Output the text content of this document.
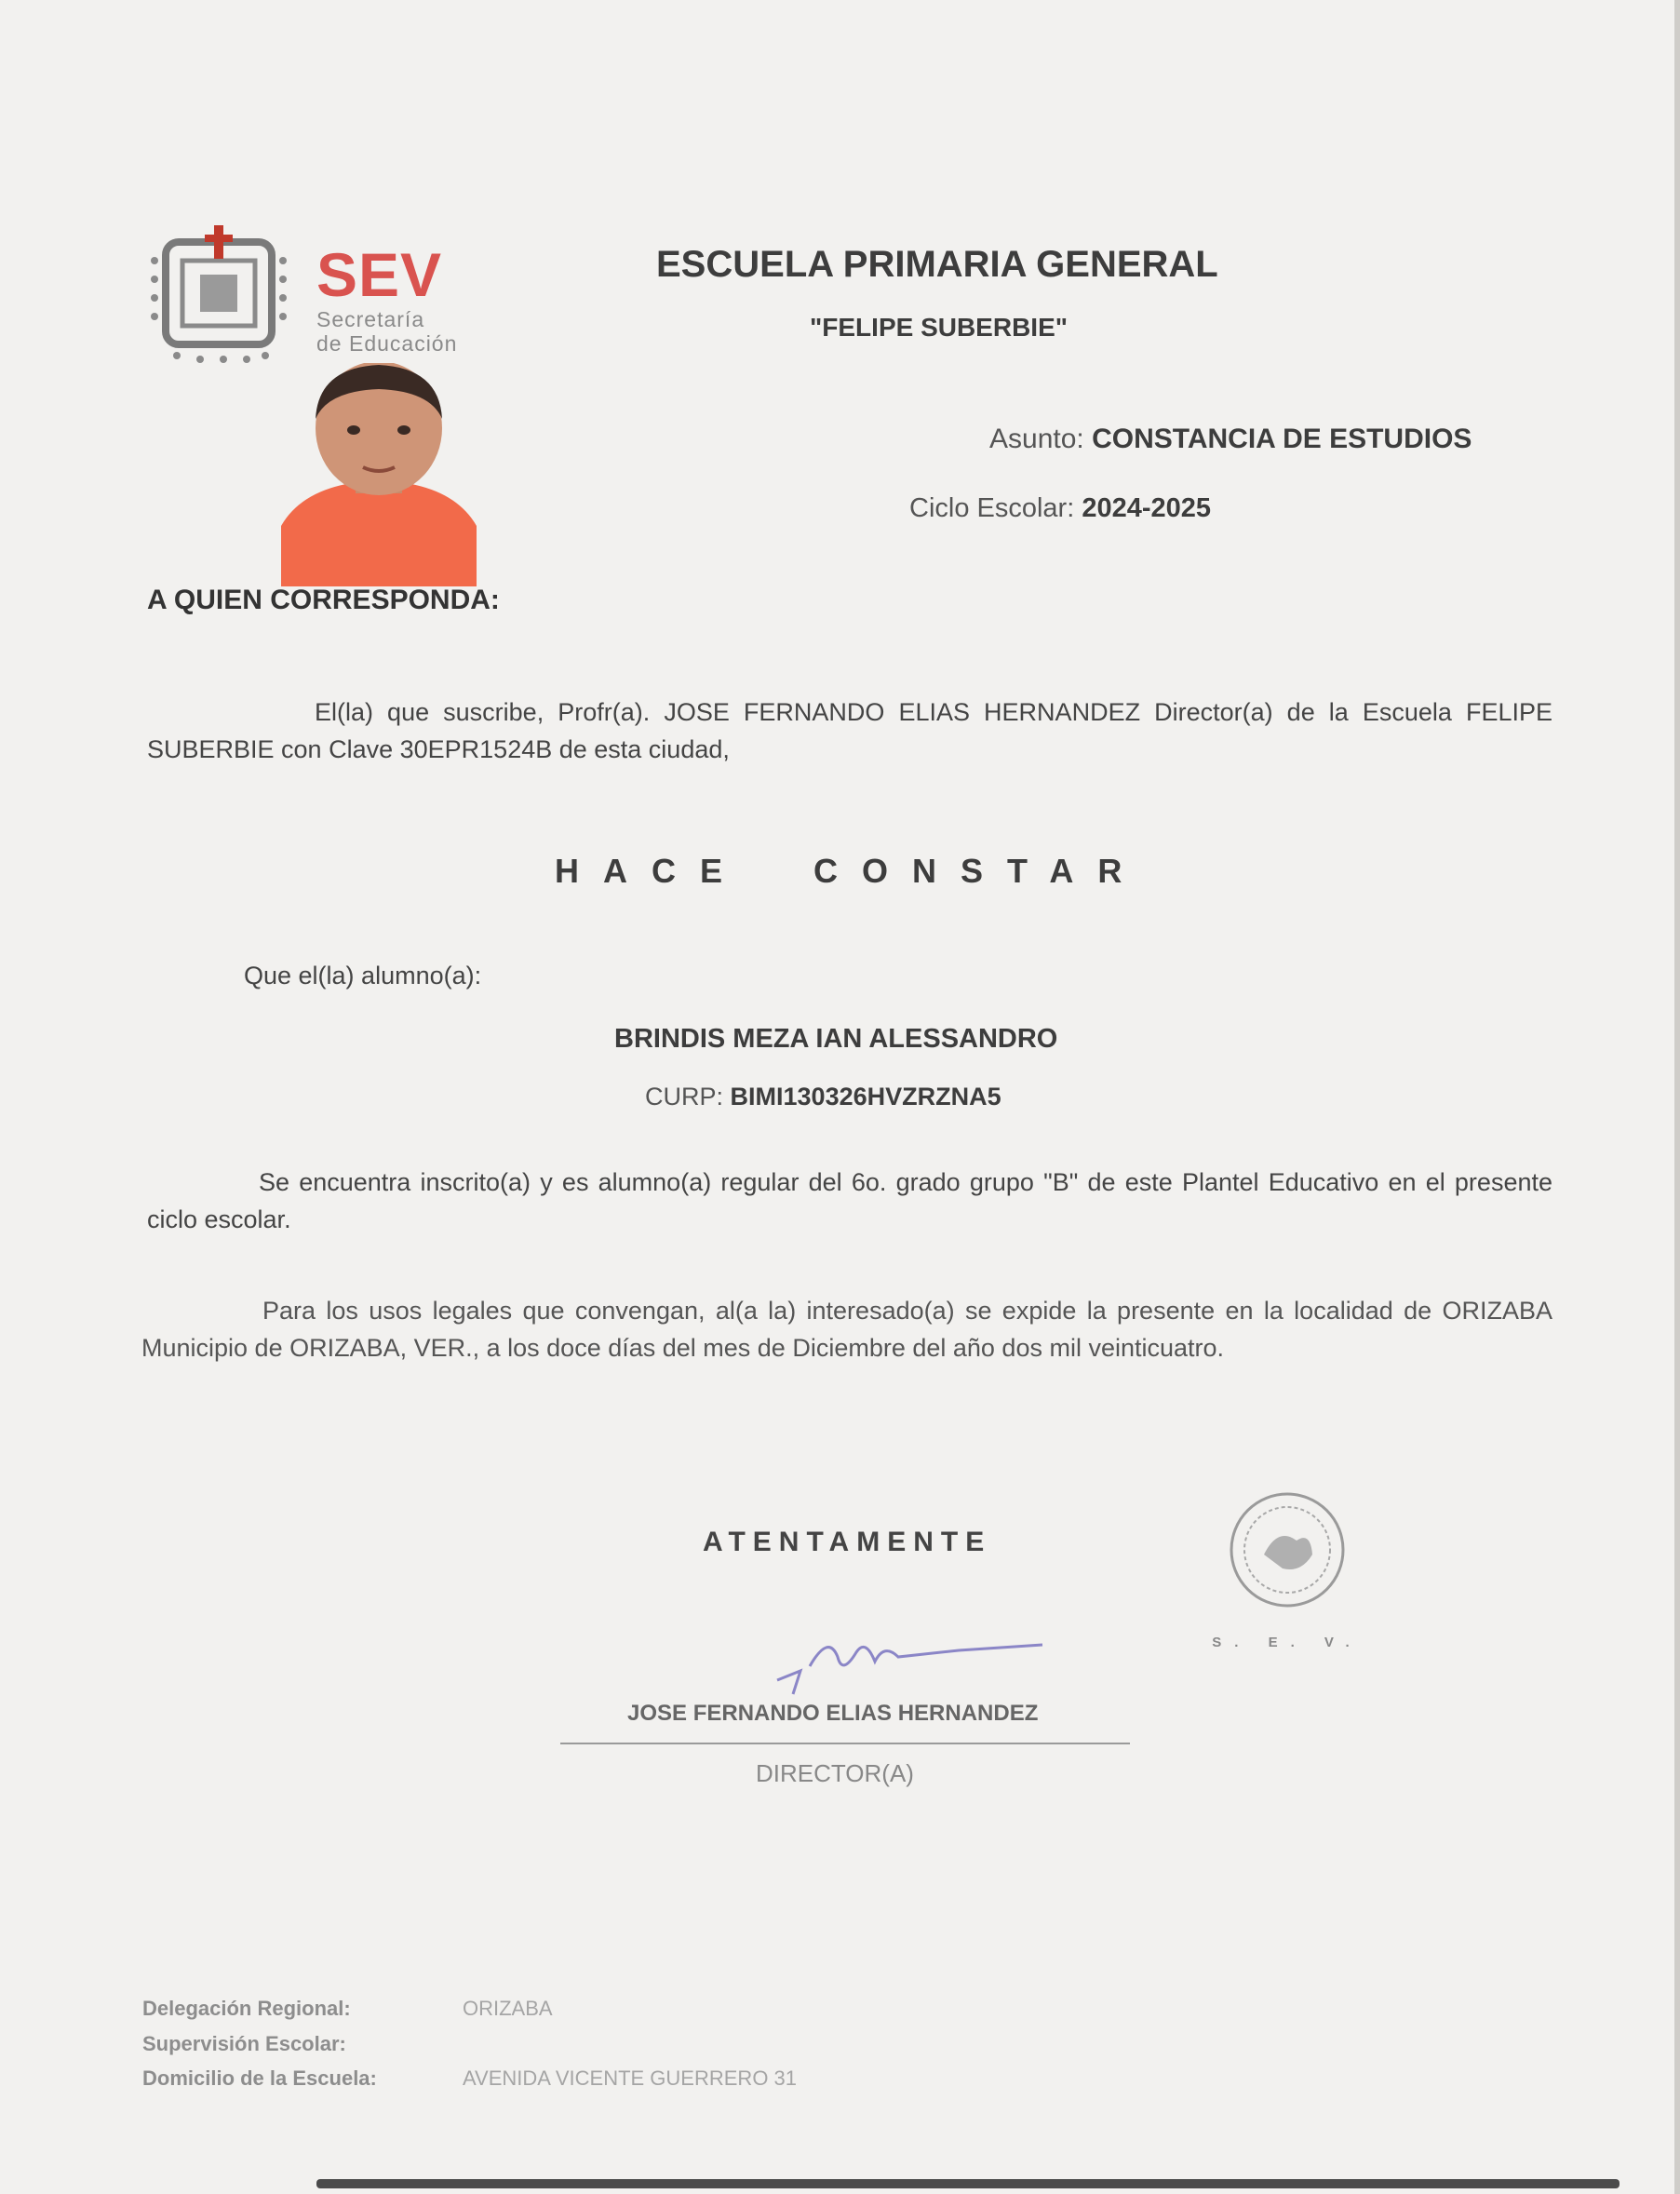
SEV
Secretaría
de Educación
ESCUELA PRIMARIA GENERAL
"FELIPE SUBERBIE"
Asunto: CONSTANCIA DE ESTUDIOS
Ciclo Escolar: 2024-2025
A QUIEN CORRESPONDA:
El(la) que suscribe, Profr(a). JOSE FERNANDO ELIAS HERNANDEZ Director(a) de la Escuela FELIPE SUBERBIE con Clave 30EPR1524B de esta ciudad,
HACE  CONSTAR
Que el(la) alumno(a):
BRINDIS MEZA IAN ALESSANDRO
CURP: BIMI130326HVZRZNA5
Se encuentra inscrito(a) y es alumno(a) regular del 6o. grado grupo "B" de este Plantel Educativo en el presente ciclo escolar.
Para los usos legales que convengan, al(a la) interesado(a) se expide la presente en la localidad de ORIZABA Municipio de ORIZABA, VER., a los doce días del mes de Diciembre del año dos mil veinticuatro.
ATENTAMENTE
JOSE FERNANDO ELIAS HERNANDEZ
DIRECTOR(A)
S. E. V.
Delegación Regional:	ORIZABA
Supervisión Escolar:
Domicilio de la Escuela:	AVENIDA VICENTE GUERRERO 31
